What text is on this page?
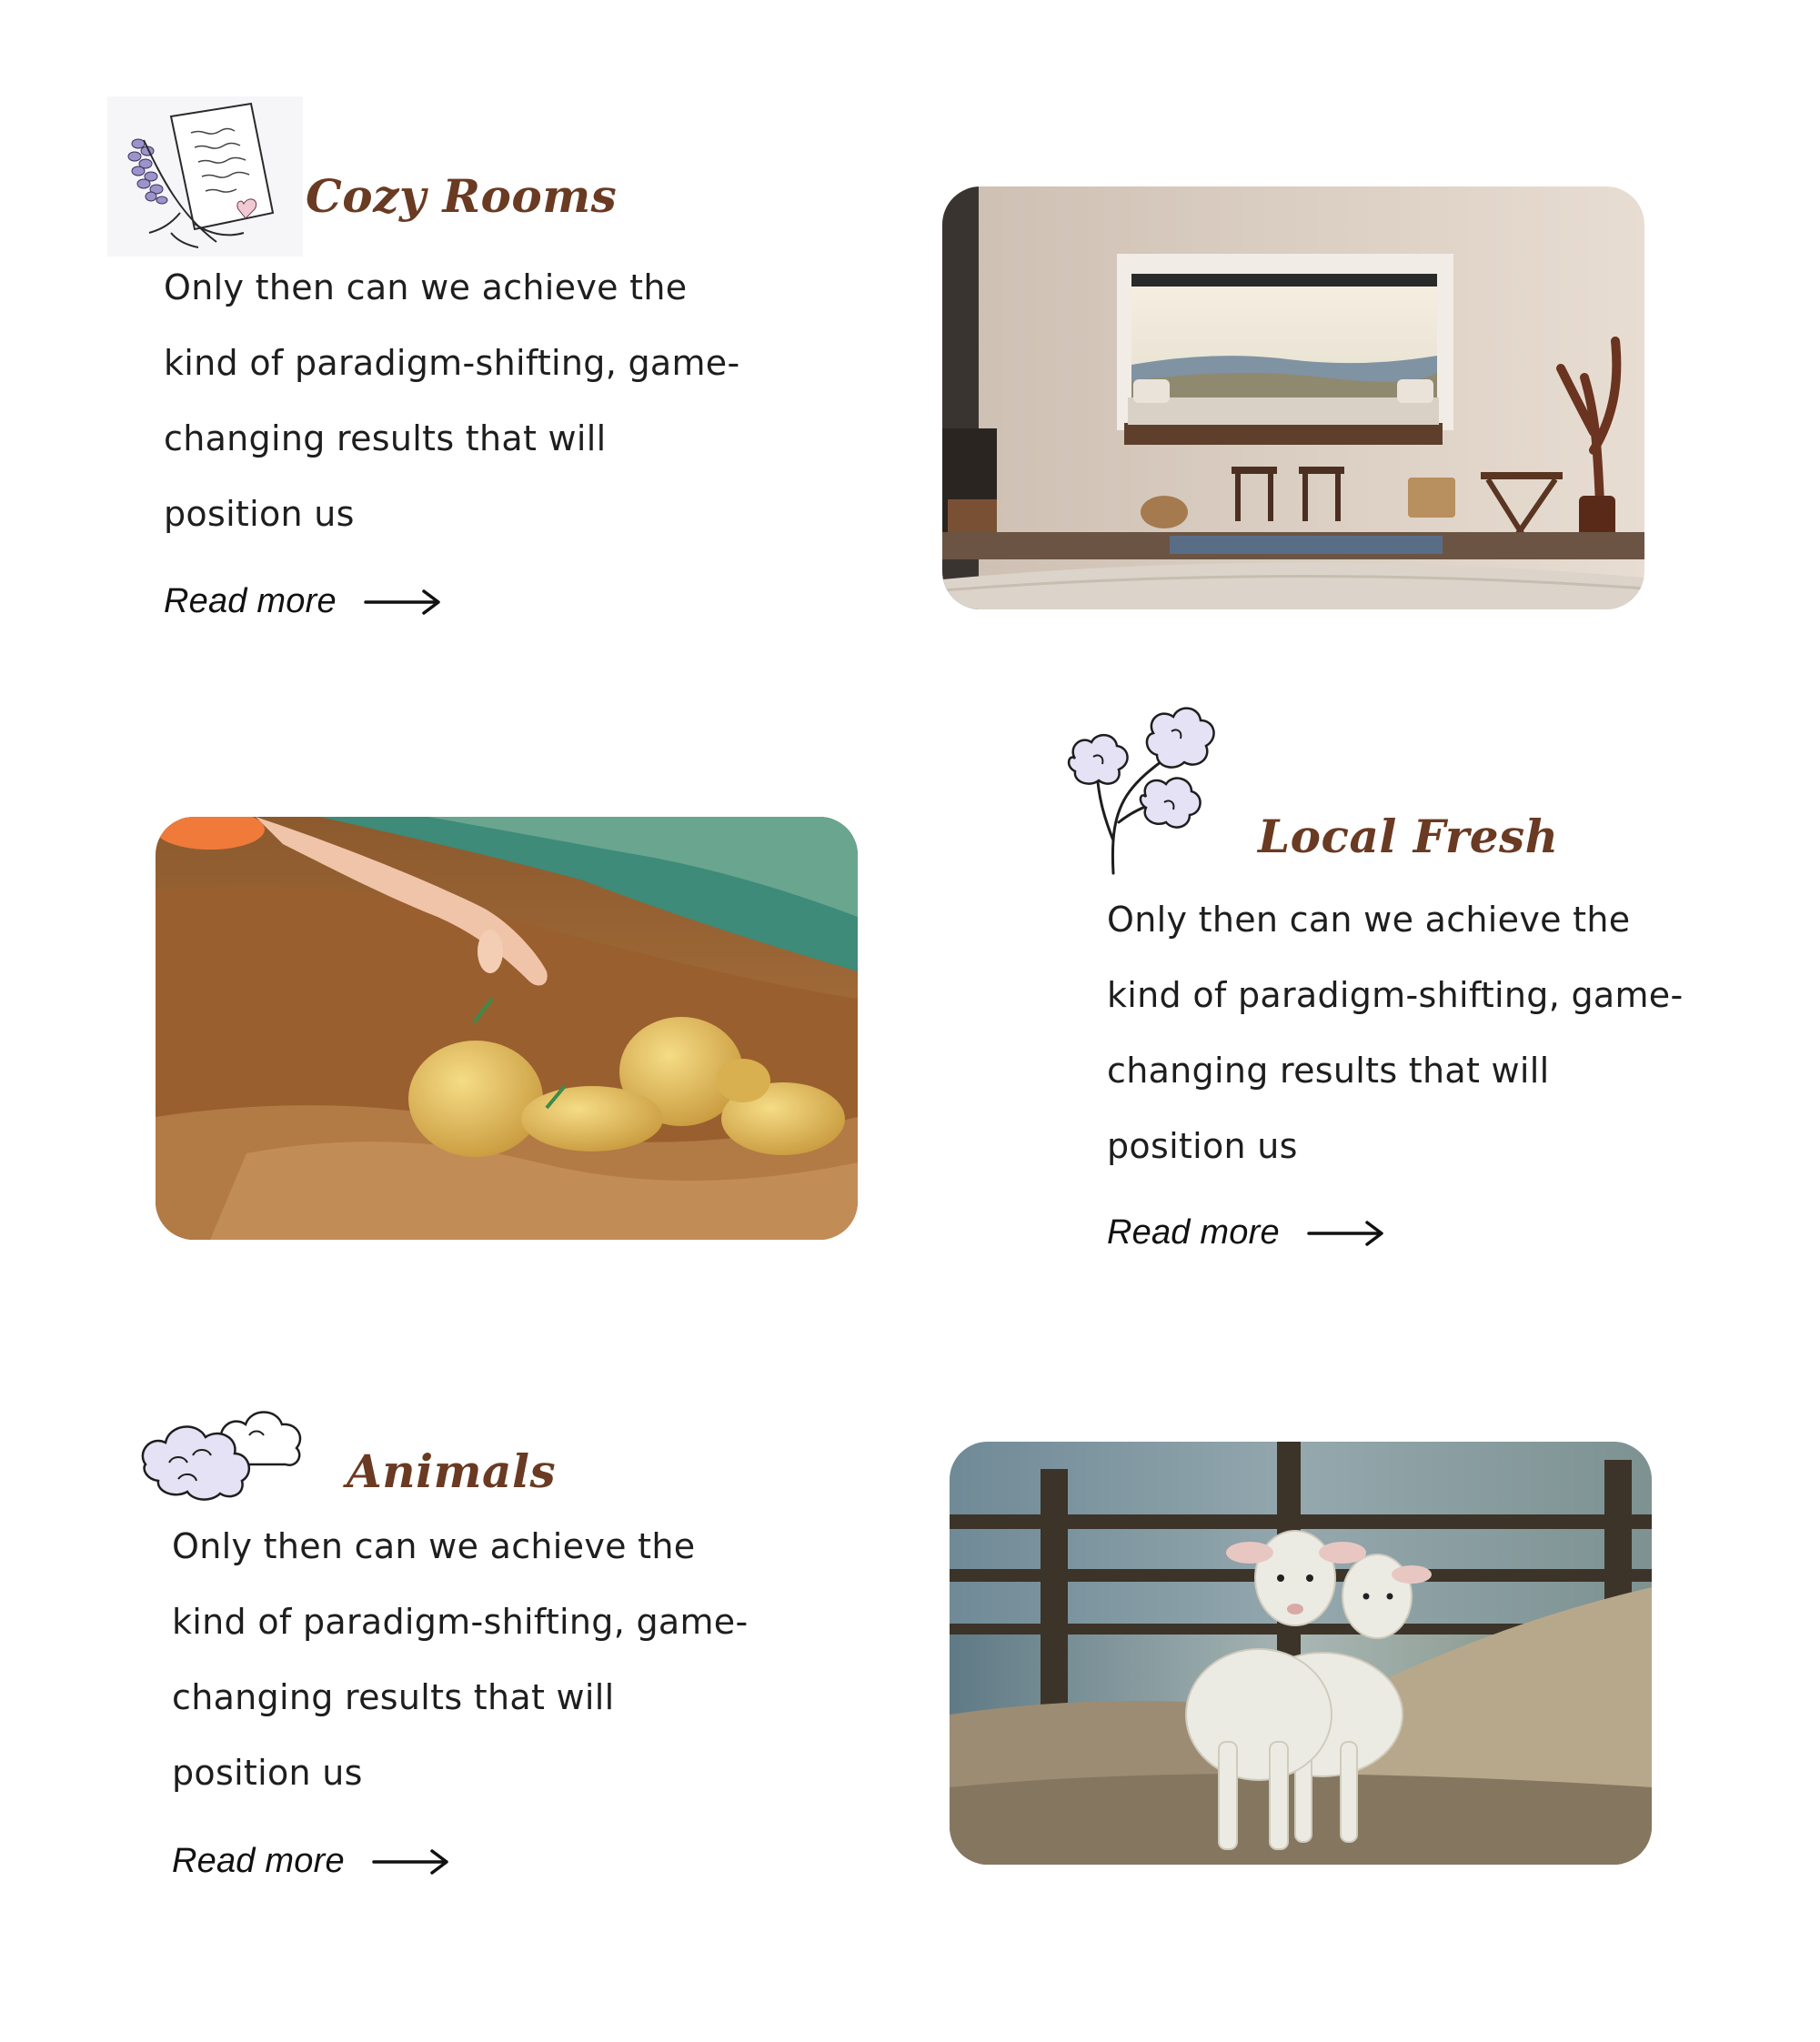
Cozy Rooms

Only then can we achieve the kind of paradigm-shifting, game-changing results that will position us

Read more
Local Fresh

Only then can we achieve the kind of paradigm-shifting, game-changing results that will position us

Read more
Animals

Only then can we achieve the kind of paradigm-shifting, game-changing results that will position us

Read more
